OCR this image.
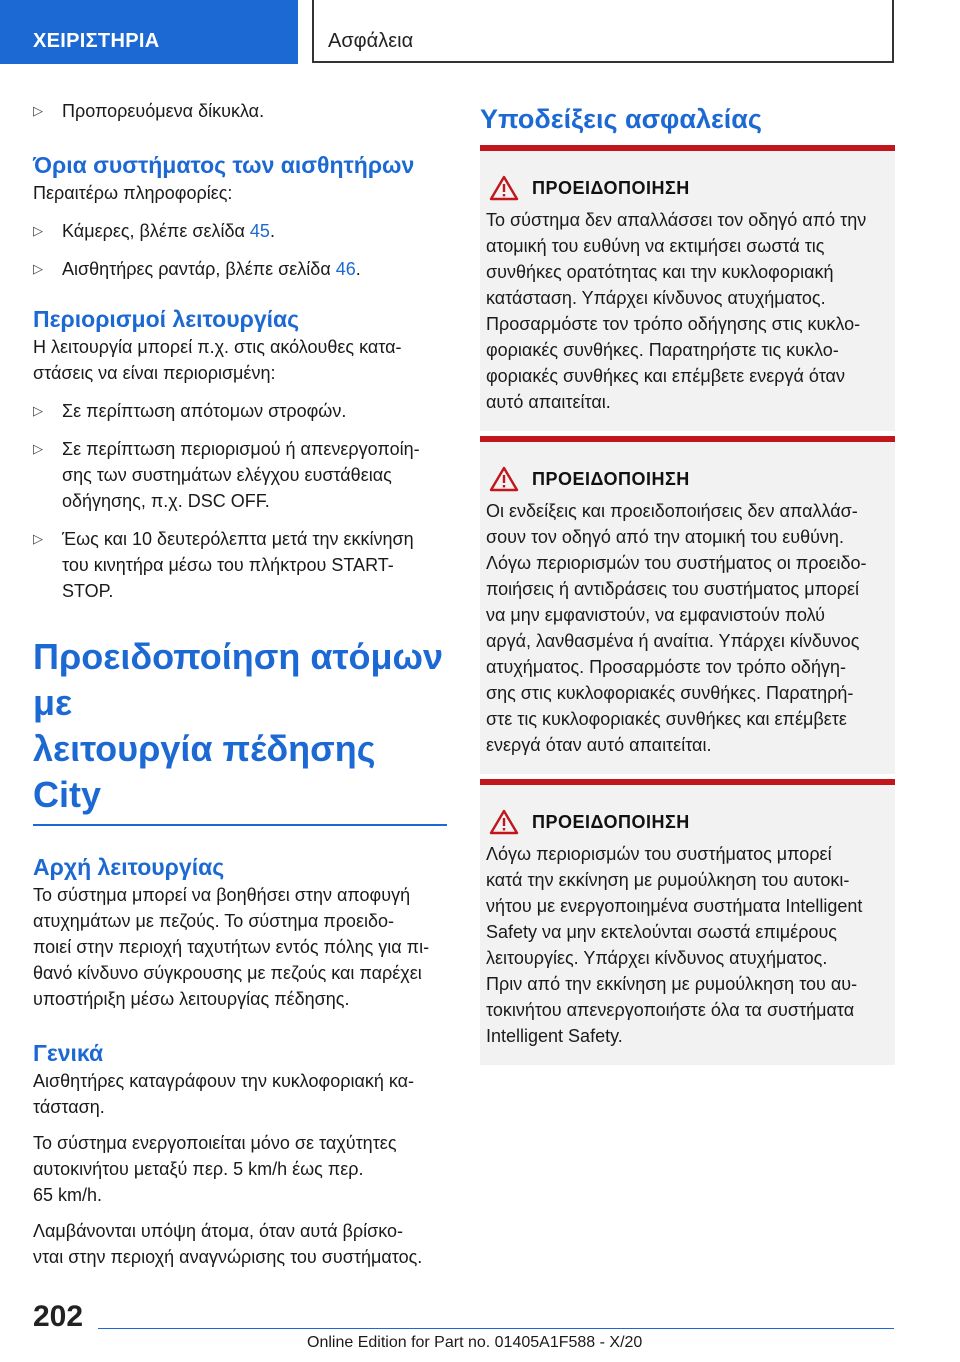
ΧΕΙΡΙΣΤΗΡΙΑ	Ασφάλεια
▷ Προπορευόμενα δίκυκλα.
Όρια συστήματος των αισθητήρων

Περαιτέρω πληροφορίες:

▷ Κάμερες, βλέπε σελίδα 45.
▷ Αισθητήρες ραντάρ, βλέπε σελίδα 46.
Περιορισμοί λειτουργίας

Η λειτουργία μπορεί π.χ. στις ακόλουθες κατα-
στάσεις να είναι περιορισμένη:

▷ Σε περίπτωση απότομων στροφών.
▷ Σε περίπτωση περιορισμού ή απενεργοποίη-
σης των συστημάτων ελέγχου ευστάθειας
οδήγησης, π.χ. DSC OFF.
▷ Έως και 10 δευτερόλεπτα μετά την εκκίνηση
του κινητήρα μέσω του πλήκτρου START-
STOP.
Προειδοποίηση ατόμων με
λειτουργία πέδησης City
Αρχή λειτουργίας

Το σύστημα μπορεί να βοηθήσει στην αποφυγή
ατυχημάτων με πεζούς. Το σύστημα προειδο-
ποιεί στην περιοχή ταχυτήτων εντός πόλης για πι-
θανό κίνδυνο σύγκρουσης με πεζούς και παρέχει
υποστήριξη μέσω λειτουργίας πέδησης.

Γενικά

Αισθητήρες καταγράφουν την κυκλοφοριακή κα-
τάσταση.

Το σύστημα ενεργοποιείται μόνο σε ταχύτητες
αυτοκινήτου μεταξύ περ. 5 km/h έως περ.
65 km/h.

Λαμβάνονται υπόψη άτομα, όταν αυτά βρίσκο-
νται στην περιοχή αναγνώρισης του συστήματος.

Υποδείξεις ασφαλείας
ΠΡΟΕΙΔΟΠΟΙΗΣΗ
Το σύστημα δεν απαλλάσσει τον οδηγό από την
ατομική του ευθύνη να εκτιμήσει σωστά τις
συνθήκες ορατότητας και την κυκλοφοριακή
κατάσταση. Υπάρχει κίνδυνος ατυχήματος.
Προσαρμόστε τον τρόπο οδήγησης στις κυκλο-
φοριακές συνθήκες. Παρατηρήστε τις κυκλο-
φοριακές συνθήκες και επέμβετε ενεργά όταν
αυτό απαιτείται.
ΠΡΟΕΙΔΟΠΟΙΗΣΗ
Οι ενδείξεις και προειδοποιήσεις δεν απαλλάσ-
σουν τον οδηγό από την ατομική του ευθύνη.
Λόγω περιορισμών του συστήματος οι προειδο-
ποιήσεις ή αντιδράσεις του συστήματος μπορεί
να μην εμφανιστούν, να εμφανιστούν πολύ
αργά, λανθασμένα ή αναίτια. Υπάρχει κίνδυνος
ατυχήματος. Προσαρμόστε τον τρόπο οδήγη-
σης στις κυκλοφοριακές συνθήκες. Παρατηρή-
στε τις κυκλοφοριακές συνθήκες και επέμβετε
ενεργά όταν αυτό απαιτείται.
ΠΡΟΕΙΔΟΠΟΙΗΣΗ
Λόγω περιορισμών του συστήματος μπορεί
κατά την εκκίνηση με ρυμούλκηση του αυτοκι-
νήτου με ενεργοποιημένα συστήματα Intelligent
Safety να μην εκτελούνται σωστά επιμέρους
λειτουργίες. Υπάρχει κίνδυνος ατυχήματος.
Πριν από την εκκίνηση με ρυμούλκηση του αυ-
τοκινήτου απενεργοποιήστε όλα τα συστήματα
Intelligent Safety.
202
Online Edition for Part no. 01405A1F588 - X/20
